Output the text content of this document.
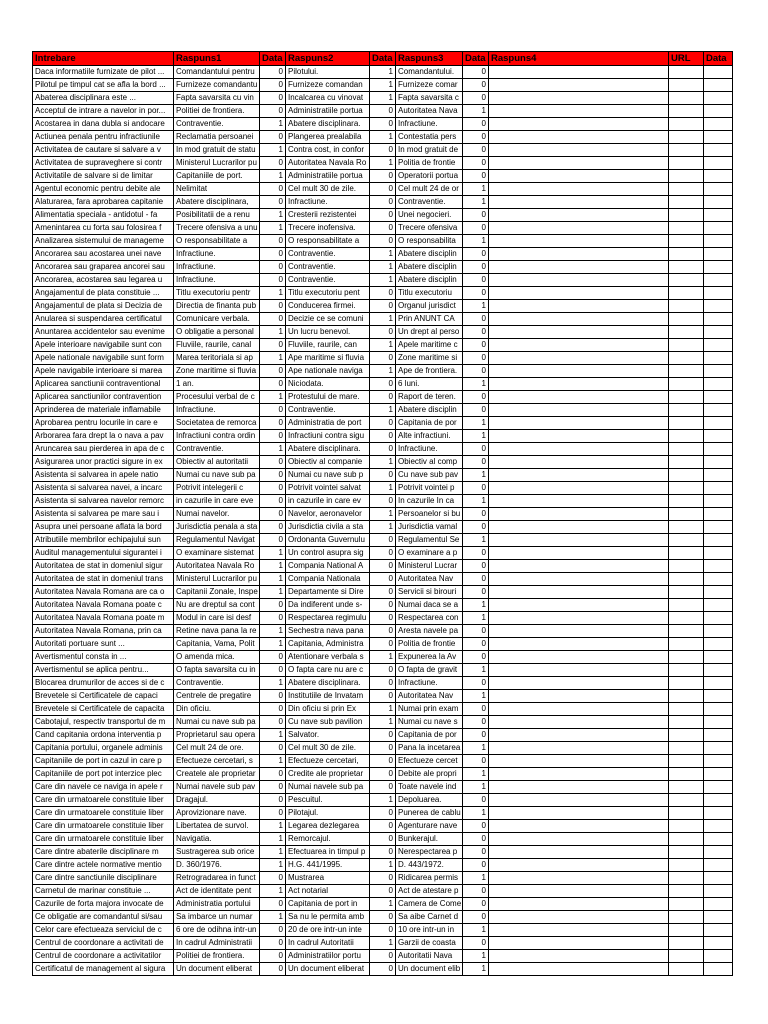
Intrebare	Raspuns1	Data	Raspuns2	Data	Raspuns3	Data	Raspuns4	URL	Data
Daca informatiile furnizate de pilot ...	Comandantului pentru	0	Pilotului.	1	Comandantului.	0			
Pilotul pe timpul cat se afla la bord ...	Furnizeze comandantu	0	Furnizeze comandan	1	Furnizeze comar	0			
Abaterea disciplinara este ...	Fapta savarsita cu vin	0	Incalcarea cu vinovat	1	Fapta savarsita c	0			
Acceptul de intrare a navelor in por...	Politiei de frontiera.	0	Administratiile portua	0	Autoritatea Nava	1			
Acostarea in dana dubla si andocare	Contraventie.	1	Abatere disciplinara.	0	Infractiune.	0			
Actiunea penala pentru infractiunile	Reclamatia persoanei	0	Plangerea prealabila	1	Contestatia pers	0			
Activitatea de cautare si salvare a v	In mod gratuit de statu	1	Contra cost, in confor	0	In mod gratuit de	0			
Activitatea de supraveghere si contr	Ministerul Lucrarilor pu	0	Autoritatea Navala Ro	1	Politia de frontie	0			
Activitatile de salvare si de limitar	Capitaniile de port.	1	Administratiile portua	0	Operatorii portua	0			
Agentul economic pentru debite ale	Nelimitat	0	Cel mult 30 de zile.	0	Cel mult 24 de or	1			
Alaturarea, fara aprobarea capitanie	Abatere disciplinara,	0	Infractiune.	0	Contraventie.	1			
Alimentatia speciala - antidotul - fa	Posibilitatii de a renu	1	Cresterii rezistentei	0	Unei negocieri.	0			
Amenintarea cu forta sau folosirea f	Trecere ofensiva a unu	1	Trecere inofensiva.	0	Trecere ofensiva	0			
Analizarea sistemului de manageme	O responsabilitate a	0	O responsabilitate a	0	O responsabilita	1			
Ancorarea sau acostarea unei nave	Infractiune.	0	Contraventie.	1	Abatere disciplin	0			
Ancorarea sau graparea ancorei sau	Infractiune.	0	Contraventie.	1	Abatere disciplin	0			
Ancorarea, acostarea sau legarea u	Infractiune.	0	Contraventie.	1	Abatere disciplin	0			
Angajamentul de plata constituie ...	Titlu executoriu pentr	1	Titlu executoriu pent	0	Titlu executoriu	0			
Angajamentul de plata si Decizia de	Directia de finanta pub	0	Conducerea firmei.	0	Organul jurisdict	1			
Anularea si suspendarea certificatul	Comunicare verbala.	0	Decizie ce se comuni	1	Prin ANUNT CA	0			
Anuntarea accidentelor sau evenime	O obligatie a personal	1	Un lucru benevol.	0	Un drept al perso	0			
Apele interioare navigabile sunt con	Fluviile, raurile, canal	0	Fluviile, raurile, can	1	Apele maritime c	0			
Apele nationale navigabile sunt form	Marea teritoriala si ap	1	Ape maritime si fluvia	0	Zone maritime si	0			
Apele navigabile interioare si marea	Zone maritime si fluvia	0	Ape nationale naviga	1	Ape de frontiera.	0			
Aplicarea sanctiunii contraventional	1 an.	0	Niciodata.	0	6 luni.	1			
Aplicarea sanctiunilor contravention	Procesului verbal de c	1	Protestului de mare.	0	Raport de teren.	0			
Aprinderea de materiale inflamabile	Infractiune.	0	Contraventie.	1	Abatere disciplin	0			
Aprobarea pentru locurile in care e	Societatea de remorca	0	Administratia de port	0	Capitania de por	1			
Arborarea fara drept la o nava a pav	Infractiuni contra ordin	0	Infractiuni contra sigu	0	Alte infractiuni.	1			
Aruncarea sau pierderea in apa de c	Contraventie.	1	Abatere disciplinara.	0	Infractiune.	0			
Asigurarea unor practici sigure in ex	Obiectiv al autoritatii	0	Obiectiv al companie	1	Obiectiv al comp	0			
Asistenta si salvarea in apele natio	Numai cu nave sub pa	0	Numai cu nave sub p	0	Cu nave sub pav	1			
Asistenta si salvarea navei, a incarc	Potrivit intelegerii c	0	Potrivit vointei salvat	1	Potrivit vointei p	0			
Asistenta si salvarea navelor remorc	in cazurile in care eve	0	in cazurile in care ev	0	In cazurile In ca	1			
Asistenta si salvarea pe mare sau i	Numai navelor.	0	Navelor, aeronavelor	1	Persoanelor si bu	0			
Asupra unei persoane aflata la bord	Jurisdictia penala a sta	0	Jurisdictia civila a sta	1	Jurisdictia vamal	0			
Atributiile membrilor echipajului sun	Regulamentul Navigat	0	Ordonanta Guvernulu	0	Regulamentul Se	1			
Auditul managementului sigurantei i	O examinare sistemat	1	Un control asupra sig	0	O examinare a p	0			
Autoritatea de stat in domeniul sigur	Autoritatea Navala Ro	1	Compania National A	0	Ministerul Lucrar	0			
Autoritatea de stat in domeniul trans	Ministerul Lucrarilor pu	1	Compania Nationala	0	Autoritatea Nav	0			
Autoritatea Navala Romana are ca o	Capitanii Zonale, Inspe	1	Departamente si Dire	0	Servicii si birouri	0			
Autoritatea Navala Romana poate c	Nu are dreptul sa cont	0	Da indiferent unde s-	0	Numai daca se a	1			
Autoritatea Navala Romana poate m	Modul in care isi desf	0	Respectarea regimulu	0	Respectarea con	1			
Autoritatea Navala Romana, prin ca	Retine nava pana la re	1	Sechestra nava pana	0	Aresta navele pa	0			
Autoritati portuare sunt ...	Capitania, Vama, Polit	1	Capitania, Administra	0	Politia de frontie	0			
Avertismentul consta in ...	O amenda mica.	0	Atentionare verbala s	1	Expunerea la Av	0			
Avertismentul se aplica pentru...	O fapta savarsita cu in	0	O fapta care nu are c	0	O fapta de gravit	1			
Blocarea drumurilor de acces si de c	Contraventie.	1	Abatere disciplinara.	0	Infractiune.	0			
Brevetele si Certificatele de capaci	Centrele de pregatire	0	Institutiile de Invatam	0	Autoritatea Nav	1			
Brevetele si Certificatele de capacita	Din oficiu.	0	Din oficiu si prin Ex	1	Numai prin exam	0			
Cabotajul, respectiv transportul de m	Numai cu nave sub pa	0	Cu nave sub pavilion	1	Numai cu nave s	0			
Cand capitania ordona interventia p	Proprietarul sau opera	1	Salvator.	0	Capitania de por	0			
Capitania portului, organele adminis	Cel mult 24 de ore.	0	Cel mult 30 de zile.	0	Pana la incetarea	1			
Capitaniile de port in cazul in care p	Efectueze cercetari, s	1	Efectueze cercetari,	0	Efectueze cercet	0			
Capitaniile de port pot interzice plec	Createle ale proprietar	0	Credite ale proprietar	0	Debite ale propri	1			
Care din navele ce naviga in apele r	Numai navele sub pav	0	Numai navele sub pa	0	Toate navele ind	1			
Care din urmatoarele constituie liber	Dragajul.	0	Pescuitul.	1	Depoluarea.	0			
Care din urmatoarele constituie liber	Aprovizionare nave.	0	Pilotajul.	0	Punerea de cablu	1			
Care din urmatoarele constituie liber	Libertatea de survol.	1	Legarea dezlegarea	0	Agenturare nave	0			
Care din urmatoarele constituie liber	Navigatia.	1	Remorcajul.	0	Bunkerajul.	0			
Care dintre abaterile disciplinare m	Sustragerea sub orice	1	Efectuarea in timpul p	0	Nerespectarea p	0			
Care dintre actele normative mentio	D. 360/1976.	1	H.G. 441/1995.	1	D. 443/1972.	0			
Care dintre sanctiunile disciplinare	Retrogradarea in funct	0	Mustrarea	0	Ridicarea permis	1			
Carnetul de marinar constituie ...	Act de identitate pent	1	Act notarial	0	Act de atestare p	0			
Cazurile de forta majora invocate de	Administratia portului	0	Capitania de port in	1	Camera de Come	0			
Ce obligatie are comandantul si/sau	Sa imbarce un numar	1	Sa nu le permita amb	0	Sa aibe Carnet d	0			
Celor care efectueaza serviciul de c	6 ore de odihna intr-un	0	20 de ore intr-un inte	0	10 ore intr-un in	1			
Centrul de coordonare a activitati de	In cadrul Administratii	0	In cadrul Autoritatii	1	Garzii de coasta	0			
Centrul de coordonare a activitatilor	Politiei de frontiera.	0	Administratiilor portu	0	Autoritatii Nava	1			
Certificatul de management al sigura	Un document eliberat	0	Un document eliberat	0	Un document elib	1			
